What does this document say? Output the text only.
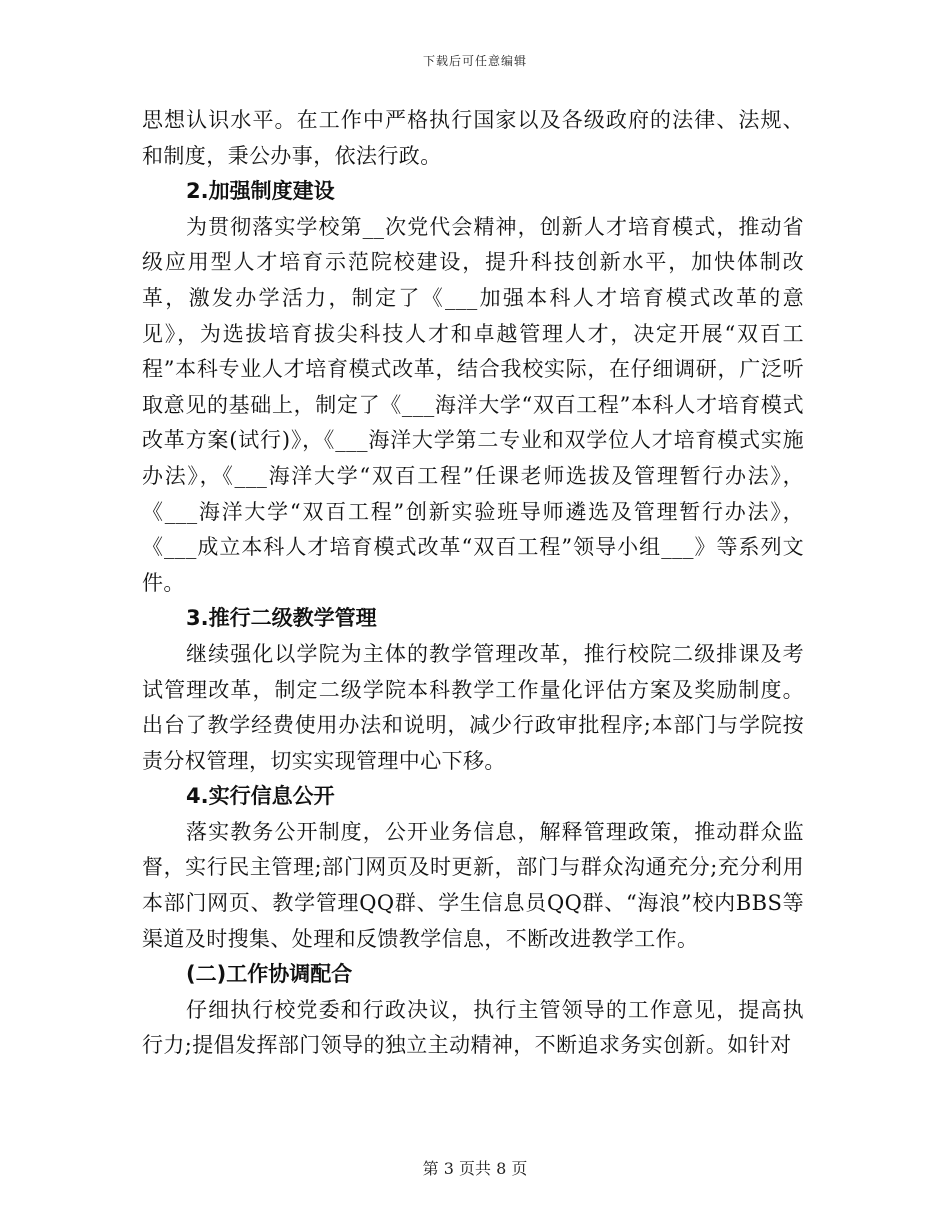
下载后可任意编辑

思想认识水平。在工作中严格执行国家以及各级政府的法律、法规、和制度，秉公办事，依法行政。

2.加强制度建设

为贯彻落实学校第__次党代会精神，创新人才培育模式，推动省级应用型人才培育示范院校建设，提升科技创新水平，加快体制改革，激发办学活力，制定了《___加强本科人才培育模式改革的意见》，为选拔培育拔尖科技人才和卓越管理人才，决定开展“双百工程”本科专业人才培育模式改革，结合我校实际，在仔细调研，广泛听取意见的基础上，制定了《___海洋大学“双百工程”本科人才培育模式改革方案(试行)》，《___海洋大学第二专业和双学位人才培育模式实施办法》，《___海洋大学“双百工程”任课老师选拔及管理暂行办法》，《___海洋大学“双百工程”创新实验班导师遴选及管理暂行办法》，《___成立本科人才培育模式改革“双百工程”领导小组___》等系列文件。

3.推行二级教学管理

继续强化以学院为主体的教学管理改革，推行校院二级排课及考试管理改革，制定二级学院本科教学工作量化评估方案及奖励制度。出台了教学经费使用办法和说明，减少行政审批程序;本部门与学院按责分权管理，切实实现管理中心下移。

4.实行信息公开

落实教务公开制度，公开业务信息，解释管理政策，推动群众监督，实行民主管理;部门网页及时更新，部门与群众沟通充分;充分利用本部门网页、教学管理QQ群、学生信息员QQ群、“海浪”校内BBS等渠道及时搜集、处理和反馈教学信息，不断改进教学工作。

(二)工作协调配合

仔细执行校党委和行政决议，执行主管领导的工作意见，提高执行力;提倡发挥部门领导的独立主动精神，不断追求务实创新。如针对

第 3 页共 8 页
